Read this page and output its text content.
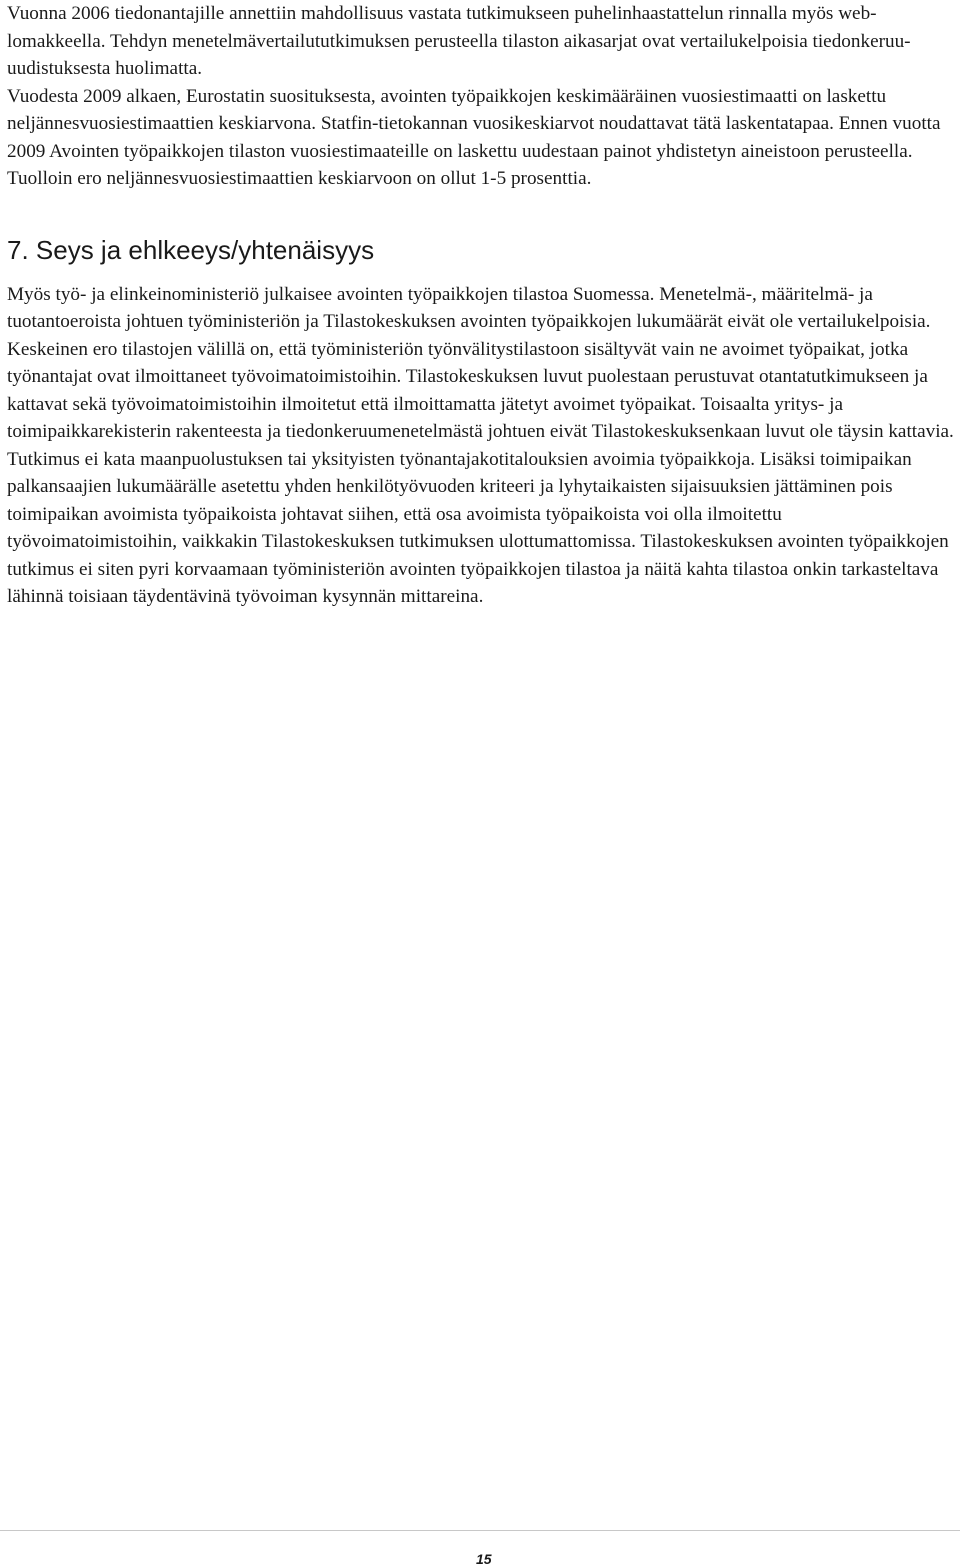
Vuonna 2006 tiedonantajille annettiin mahdollisuus vastata tutkimukseen puhelinhaastattelun rinnalla myös web-lomakkeella. Tehdyn menetelmävertailututkimuksen perusteella tilaston aikasarjat ovat vertailukelpoisia tiedonkeruu-uudistuksesta huolimatta.

Vuodesta 2009 alkaen, Eurostatin suosituksesta, avointen työpaikkojen keskimääräinen vuosiestimaatti on laskettu neljännesvuosiestimaattien keskiarvona. Statfin-tietokannan vuosikeskiarvot noudattavat tätä laskentatapaa. Ennen vuotta 2009 Avointen työpaikkojen tilaston vuosiestimaateille on laskettu uudestaan painot yhdistetyn aineistoon perusteella. Tuolloin ero neljännesvuosiestimaattien keskiarvoon on ollut 1-5 prosenttia.

7. Seys ja ehlkeeys/yhtenäisyys

Myös työ- ja elinkeinoministeriö julkaisee avointen työpaikkojen tilastoa Suomessa. Menetelmä-, määritelmä- ja tuotantoeroista johtuen työministeriön ja Tilastokeskuksen avointen työpaikkojen lukumäärät eivät ole vertailukelpoisia. Keskeinen ero tilastojen välillä on, että työministeriön työnvälitystilastoon sisältyvät vain ne avoimet työpaikat, jotka työnantajat ovat ilmoittaneet työvoimatoimistoihin. Tilastokeskuksen luvut puolestaan perustuvat otantatutkimukseen ja kattavat sekä työvoimatoimistoihin ilmoitetut että ilmoittamatta jätetyt avoimet työpaikat. Toisaalta yritys- ja toimipaikkarekisterin rakenteesta ja tiedonkeruumenetelmästä johtuen eivät Tilastokeskuksenkaan luvut ole täysin kattavia. Tutkimus ei kata maanpuolustuksen tai yksityisten työnantajakotitalouksien avoimia työpaikkoja. Lisäksi toimipaikan palkansaajien lukumäärälle asetettu yhden henkilötyövuoden kriteeri ja lyhytaikaisten sijaisuuksien jättäminen pois toimipaikan avoimista työpaikoista johtavat siihen, että osa avoimista työpaikoista voi olla ilmoitettu työvoimatoimistoihin, vaikkakin Tilastokeskuksen tutkimuksen ulottumattomissa. Tilastokeskuksen avointen työpaikkojen tutkimus ei siten pyri korvaamaan työministeriön avointen työpaikkojen tilastoa ja näitä kahta tilastoa onkin tarkasteltava lähinnä toisiaan täydentävinä työvoiman kysynnän mittareina.

15
